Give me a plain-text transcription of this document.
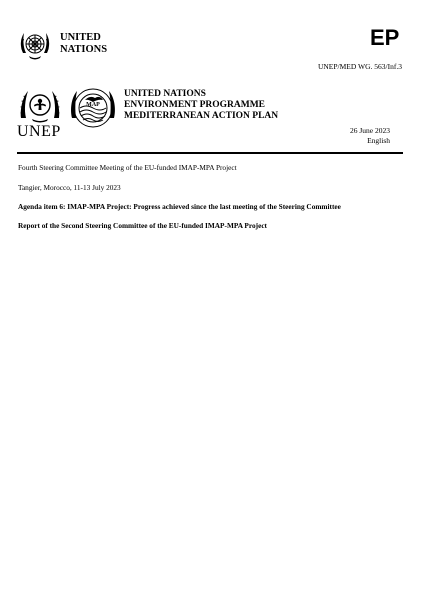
UNITED
NATIONS	EP
UNEP/MED WG. 563/Inf.3
UNEP
MAP
UNITED NATIONS
ENVIRONMENT PROGRAMME
MEDITERRANEAN ACTION PLAN
26 June 2023
English
Fourth Steering Committee Meeting of the EU-funded IMAP-MPA Project
Tangier, Morocco, 11-13 July 2023
Agenda item 6: IMAP-MPA Project: Progress achieved since the last meeting of the Steering Committee
Report of the Second Steering Committee of the EU-funded IMAP-MPA Project
